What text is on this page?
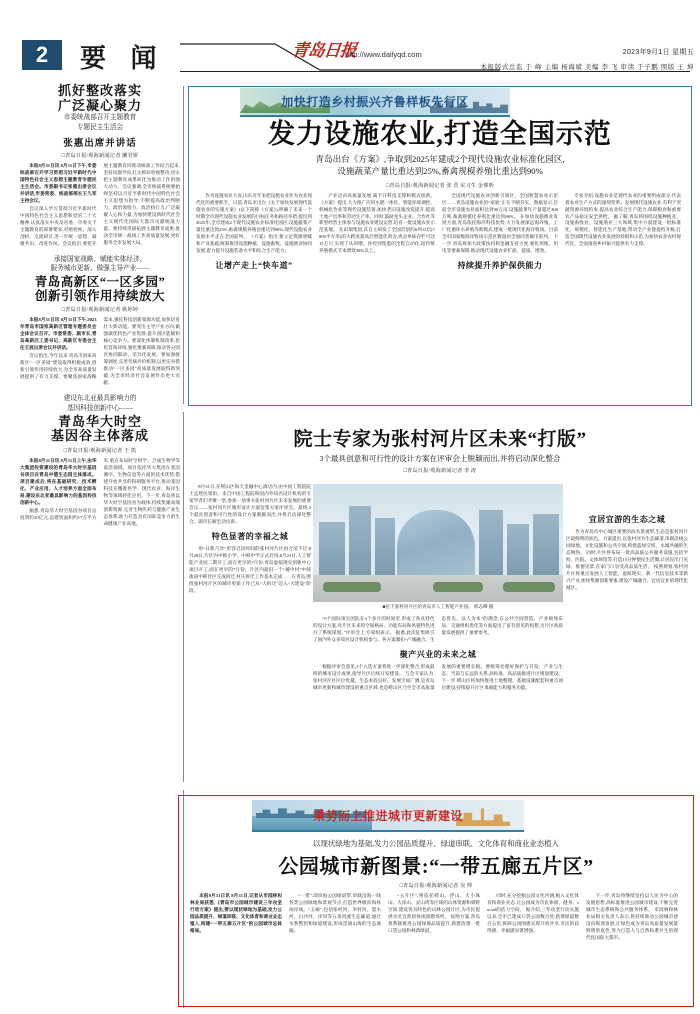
2	要 闻	青岛日报
http://www.dailyqd.com	2023年9月1日 星期五
本报版式总监 于 峰 主编 杨海斌 美编 李 飞 审读 于子鹏 照版 王 坤
抓好整改落实
广泛凝心聚力
市委统战部召开主题教育
专题民主生活会
张惠出席并讲话
□青岛日报/观海新闻记者 蘭君妍

本报8月31日讯 8月31日下午,市委统战部召开学习贯彻习近平新时代中国特色社会主义思想主题教育专题民主生活会。市委副书记张惠出席会议并讲话,市委常委、统战部部长王久军主持会议。

会议深入学习贯彻习近平新时代中国特色社会主义思想和党的二十大精神,认真落实中央及省委、市委关于主题教育的部署要求,对照检视、深入剖析、交流研讨,进一步统一思想、凝聚共识、改进作风。会议指出,要把开展主题教育同推动统战工作结合起来,坚持问题导向,扎实抓好检视整改,切实把主题教育成果转化为推动工作的强大动力。会议强调,全市统战系统要始终坚持以习近平新时代中国特色社会主义思想为指导,不断提高政治判断力、政治领悟力、政治执行力,广泛凝聚人心和力量,为加快建设新时代社会主义现代化国际大都市贡献统战力量。要持续巩固拓展主题教育成果,推动全市统一战线工作高质量发展,更好服务全市发展大局。

承接国家战略、赋能实体经济、
服务城市更新、做强主导产业——
青岛高新区“一区多园”
创新引领作用持续放大
□青岛日报/观海新闻记者 耿婷婷

本报8月31日讯 8月31日下午,2023年青岛市国家高新区管理专题委员会全体会议召开。市委常委、副市长,青岛高新区工委书记、高新区专委会主任王波出席会议并讲话。

会议指出,今年以来,青岛市国家高新区“一区多园”建设取得积极成效,创新引领作用持续放大,为全市高质量发展提供了有力支撑。要聚焦国家战略需求,强化科技创新策源功能,加快培育壮大新动能。要突出主导产业方向,做强做优特色产业集群,提升园区能级和核心竞争力。要深化体制机制改革,优化营商环境,强化要素保障,推动各分园区协同联动、差异化发展。要加强统筹调度,完善考核评价机制,以更实举措推动“一区多园”高质量发展取得新突破,为全市经济社会发展作出更大贡献。

建设东北亚最具影响力的
基因科技创新中心——
青岛华大时空
基因谷主体落成
□青岛日报/观海新闻记者 王 凯

本报8月31日讯 8月31日上午,由华大集团投资建设的青岛华大时空基因谷项目在青岛中德生态园主体落成。项目建成后,将在基础研究、技术孵化、产业应用、人才培养方面全面布局,建设东北亚最具影响力的基因科技创新中心。

据悉,青岛华大时空基因谷项目总投资约20亿元,总建筑面积约17万平方米,重点布局时空组学、合成生物学等前沿领域。项目依托华大集团在基因测序、生物信息等方面的技术优势,搭建开放共享的科研服务平台,推动基因科技在精准医学、现代农业、海洋生物等领域转化应用。下一步,青岛将以华大时空基因谷为载体,持续集聚高端创新资源,完善生物医药与健康产业生态体系,助力打造具有国际竞争力的生命健康产业高地。

加快打造乡村振兴齐鲁样板先行区
发力设施农业,打造全国示范
青岛出台《方案》,争取到2025年建成2个现代设施农业标准化园区,
设施蔬菜产量比重达到25%,畜禽规模养殖比重达到90%
□青岛日报/观海新闻记者 张 晋 实习生 金睿昕

作为设施农业大省,山东近年来把设施农业作为农业现代化的重要抓手。日前,青岛市出台《关于加快发展现代设施农业的实施方案》(以下简称《方案》),明确了未来一个时期全市现代设施农业发展的目标任务和路径举措,提出到2025年,全市建成2个现代设施农业标准化园区,设施蔬菜产量比重达到25%,畜禽规模养殖比重达到90%,现代设施农业发展水平走在全国前列。 《方案》指出,要立足资源禀赋和产业基础,统筹推进设施种植、设施畜牧、设施渔业协同发展,着力提升设施装备水平和综合生产能力。

让增产走上“快车道”

产业迈向高质量发展,离不开科技支撑和模式创新。《方案》提出,大力推广应用水肥一体化、智能环境调控、机械化作业等现代设施装备,加快老旧设施改造提升,提高土地产出率和劳动生产率。同时,鼓励龙头企业、合作社等新型经营主体参与设施农业建设运营,培育一批设施农业示范基地。 在田瑞集团,其自主研发了全国首创的6列12层(1800平方米)的大跨度超高层智能化鸡舍,鸡舍单栋存栏可达15万只,实现了从饲喂、环控到集蛋的全程自动化,较传统养殖模式节本增效30%以上。

全国现代设施农业创新引领区、全国智慧农业示范区……青岛设施农业的“家底”正在不断夯实。数据显示,目前全市设施农业面积达到90万亩,设施蔬菜年产量超过300万吨,畜禽规模化养殖比重达到86%。 在加快设施渔业发展方面,青岛依托海洋科技优势,大力发展深远海养殖、工厂化循环水养殖等新模式,建成一批现代化海洋牧场。目前全市国家级海洋牧场示范区数量居全国同类城市前列。 下一步,青岛将加大政策扶持和金融支持力度,强化用地、用电等要素保障,推动现代设施农业扩面、提质、增效。

持续提升养护保供能力

专家介绍,设施农业是现代农业的重要组成部分,代表着农业生产方式的深刻变革。发展现代设施农业,有利于突破资源环境约束,提高农业综合生产能力,保障粮食和重要农产品稳定安全供给。 据了解,青岛将围绕设施种植业、设施畜牧业、设施渔业三大领域,集中力量建设一批标准化、规模化、智能化生产基地,带动全产业链提档升级,打造全国现代设施农业发展的样板和示范,为加快农业农村现代化、全面推进乡村振兴提供有力支撑。

院士专家为张村河片区未来“打版”
3个最具创意和可行性的设计方案在评审会上脱颖而出,并将启动深化整合
□青岛日报/观海新闻记者 李 涛
■位于张村河片区的青岛市人工智能产业园。 邢志峰 摄

8月31日,在崂山区海天金融中心酒店内,由中国工程院院士孟建民领衔、来自中国工程院和国内外知名设计机构的专家学者们齐聚一堂,参加一场事关张村河片区未来发展的重要会议——张村河片区城市设计方案征集方案评审会。最终,3个最具创意和可行性的设计方案脱颖而出,并将启动深化整合。副市长解宏劲出席。

特色显著的幸福之城

用“日新月异”形容近段时间的张村河片区再合适不过:8月28日,片区内中韩小学、中韩中学正式启用;8月23日,人工智能产业园二期开工;而在更早的7月份,青岛虚拟现实创新中心项目开工,而在更早的7月份。片区内最旧一个“城中村”中韩街道中韩社区完成拆迁,村庄拆迁工作基本完成……在青岛,围绕张村河片区的城市更新工作已从“大拆迁”迈入“大建设”阶段。

“5个国际顶尖团队在3个多月的时间里,形成了各具特色的设计方案,对片区未来的空间格局、功能布局和风貌特色进行了系统谋划。”评审会上,专家组表示。 据悉,此次征集吸引了国内外众多知名设计机构参与。各方案紧扣“产城融合、生态优先、以人为本”的理念,在公共空间营造、产业载体布局、交通组织优化等方面提出了富有创见的构想,为片区高质量发展提供了重要参考。

聚产兴业的未来之城

根据评审会意见,3个入选方案将进一步深化整合,形成最终的城市设计成果,指导片区后续开发建设。 与会专家认为,张村河片区区位优越、生态本底良好、发展空间广阔,是青岛城市更新和城市建设的重点区域,也是崂山区乃至全市高质量发展的重要增长极。要统筹处理好保护与开发、产业与生态、当前与长远的关系,高标准、高品质推进片区规划建设。 下一步,崂山区将加快推进土地整理、基础设施配套和重点项目建设,持续提升片区承载能力和服务功能。

宜居宜游的生态之城

作为青岛市中心城区重要的滨水景观带,生态是张村河片区最鲜明的底色。方案提出,以张村河为生态廊道,串联沿线公园绿地、文化设施和公共空间,构建蓝绿交织、水城共融的生态网络。 同时,片区将布局一批高品质公共服务设施,包括学校、医院、文体场馆等,打造15分钟便民生活圈,让居民出门见绿、推窗见景,在家门口享受高品质生活。 按照规划,张村河片区将重点发展人工智能、虚拟现实、新一代信息技术等新兴产业,加快集聚创新要素,建设产城融合、宜居宜业的现代化城区。

乘势而上推进城市更新建设
以现状绿地为基础,发力公园品质提升、绿道串联、文化体育和商业业态植入
公园城市新图景:“一带五廊五片区”
□青岛日报/观海新闻记者 吴 帅

本报8月31日讯 8月31日,记者从市园林和林业局获悉,《青岛市公园城市建设三年攻坚行动方案》提出,要以现状绿地为基础,发力公园品质提升、绿道串联、文化体育和商业业态植入,构建“一带五廊五片区”的公园城市总体格局。

“一带”,即滨海公园绿道带,串联沿海一线各类公园绿地和景观节点,打造世界级滨海休闲岸线。“五廊”,包括张村河、李村河、墨水河、白沙河、洋河等五条河流生态廊道,通过水系整治和绿道建设,形成贯通山海的生态通廊。

“五片区”,则依托崂山、浮山、大小珠山、大泽山、灵山湾等区域的山体资源和郊野空间,建设各具特色的山林公园片区,为市民提供亲近自然的休闲游憩场所。 按照方案,青岛将系统推进公园绿地品质提升,新建改建一批口袋公园和林荫绿道。

同时,充分挖掘公园文化内涵,植入文化体育和商业业态,让公园成为市民休闲、健身、social的活力空间。 据介绍,三年攻坚行动实施以来,全市已建成口袋公园数百处,新增绿道数百公里,拆除公园围墙实现开放共享,市民的获得感、幸福感显著增强。

下一步,青岛将继续坚持以人民为中心的发展思想,高标准推进公园城市建设,不断完善城市生态系统和公共服务体系。 市园林和林业局相关负责人表示,将持续推动公园城市建设向纵深发展,让绿色成为青岛高质量发展最鲜明的底色,努力打造人与自然和谐共生的现代化国际大都市。
